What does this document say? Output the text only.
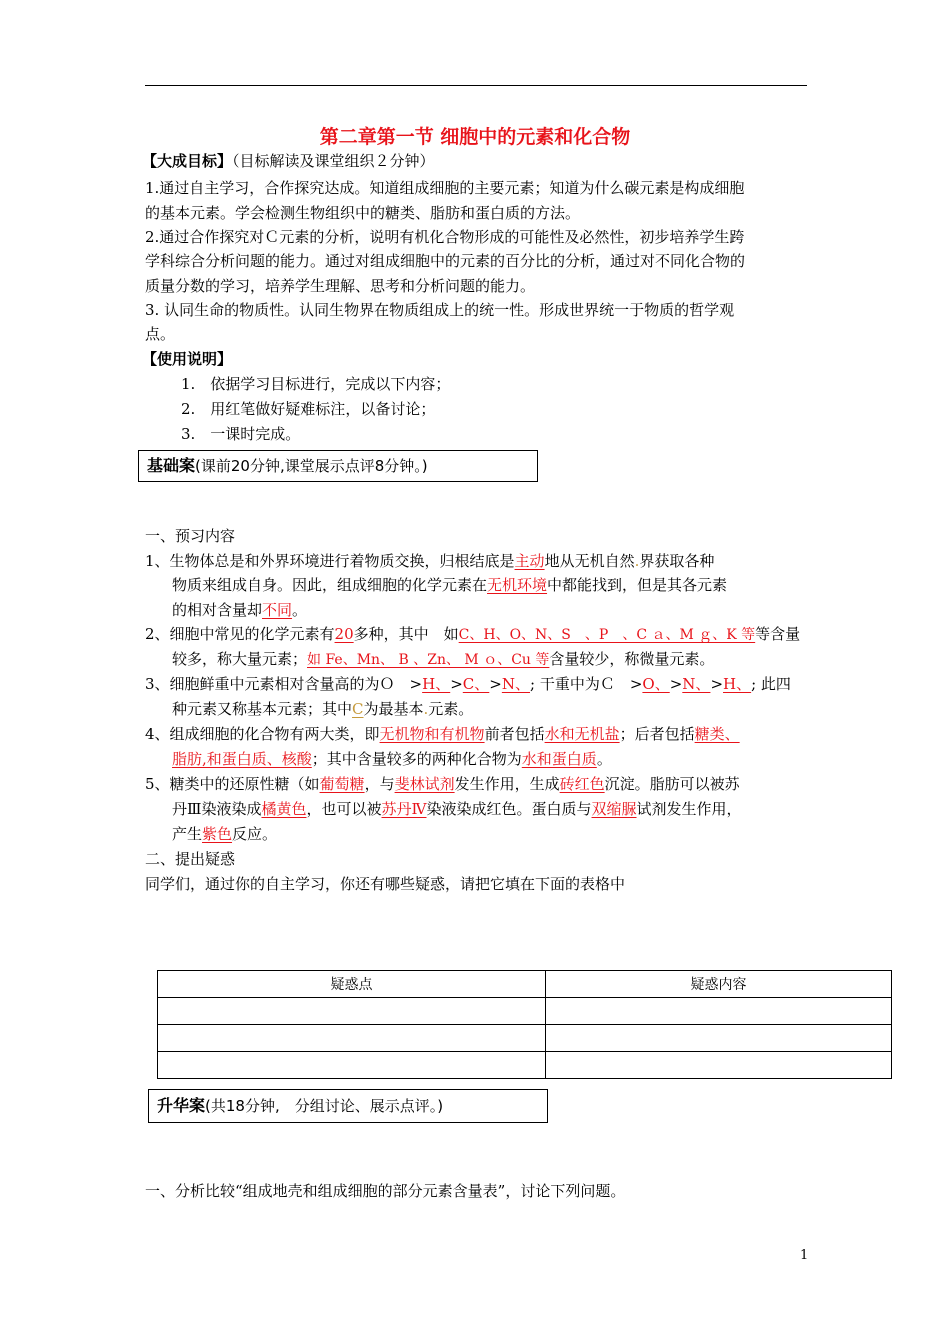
第二章第一节 细胞中的元素和化合物
【大成目标】（目标解读及课堂组织２分钟）
1.通过自主学习，合作探究达成。知道组成细胞的主要元素；知道为什么碳元素是构成细胞
的基本元素。学会检测生物组织中的糖类、脂肪和蛋白质的方法。
2.通过合作探究对Ｃ元素的分析，说明有机化合物形成的可能性及必然性，初步培养学生跨
学科综合分析问题的能力。通过对组成细胞中的元素的百分比的分析，通过对不同化合物的
质量分数的学习，培养学生理解、思考和分析问题的能力。
3. 认同生命的物质性。认同生物界在物质组成上的统一性。形成世界统一于物质的哲学观
点。
【使用说明】
1.　依据学习目标进行，完成以下内容；
2.　用红笔做好疑难标注，以备讨论；
3.　一课时完成。
基础案(课前20分钟,课堂展示点评8分钟。)
一、预习内容
1、生物体总是和外界环境进行着物质交换，归根结底是主动地从无机自然.界获取各种
物质来组成自身。因此，组成细胞的化学元素在无机环境中都能找到，但是其各元素
的相对含量却不同。
2、细胞中常见的化学元素有20多种，其中　如C、H、O、N、S　、P　、C ａ、M ｇ、K 等等含量
较多，称大量元素；如 Fe、Mn、 B 、Zn、 M ｏ、Cu 等含量较少，称微量元素。
3、细胞鲜重中元素相对含量高的为Ｏ　>H、>C、>N、; 干重中为Ｃ　>O、>N、>H、; 此四
种元素又称基本元素；其中C为最基本.元素。
4、组成细胞的化合物有两大类，即无机物和有机物前者包括水和无机盐；后者包括糖类、
脂肪,和蛋白质、核酸；其中含量较多的两种化合物为水和蛋白质。
5、糖类中的还原性糖（如葡萄糖，与斐林试剂发生作用，生成砖红色沉淀。脂肪可以被苏
丹Ⅲ染液染成橘黄色，也可以被苏丹Ⅳ染液染成红色。蛋白质与双缩脲试剂发生作用，
产生紫色反应。
二、提出疑惑
同学们，通过你的自主学习，你还有哪些疑惑，请把它填在下面的表格中
疑惑点	疑惑内容

升华案(共18分钟,　分组讨论、展示点评。)
一、分析比较“组成地壳和组成细胞的部分元素含量表”，讨论下列问题。
1
